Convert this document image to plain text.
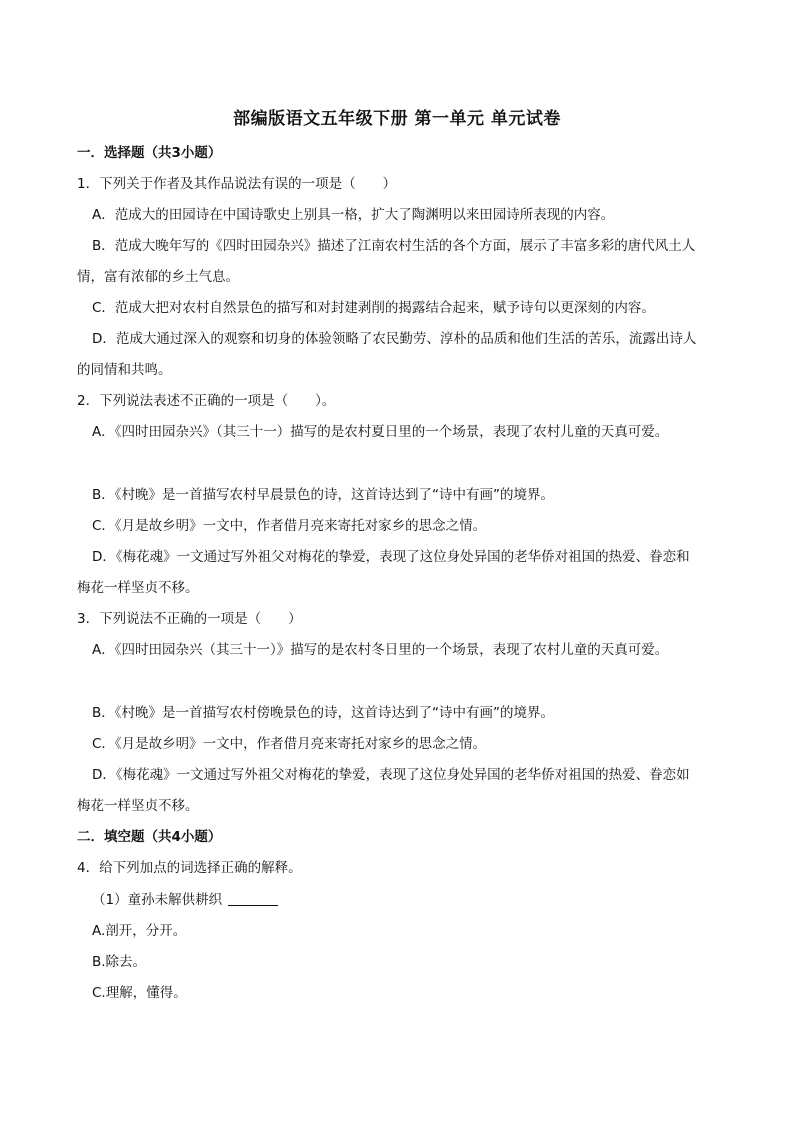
部编版语文五年级下册 第一单元 单元试卷
一．选择题（共3小题）
1．下列关于作者及其作品说法有误的一项是（　　）
A．范成大的田园诗在中国诗歌史上别具一格，扩大了陶渊明以来田园诗所表现的内容。
B．范成大晚年写的《四时田园杂兴》描述了江南农村生活的各个方面，展示了丰富多彩的唐代风土人
情，富有浓郁的乡土气息。
C．范成大把对农村自然景色的描写和对封建剥削的揭露结合起来，赋予诗句以更深刻的内容。
D．范成大通过深入的观察和切身的体验领略了农民勤劳、淳朴的品质和他们生活的苦乐，流露出诗人
的同情和共鸣。
2．下列说法表述不正确的一项是（　　）。
A．《四时田园杂兴》（其三十一）描写的是农村夏日里的一个场景，表现了农村儿童的天真可爱。
B．《村晚》是一首描写农村早晨景色的诗，这首诗达到了“诗中有画”的境界。
C．《月是故乡明》一文中，作者借月亮来寄托对家乡的思念之情。
D．《梅花魂》一文通过写外祖父对梅花的挚爱，表现了这位身处异国的老华侨对祖国的热爱、眷恋和
梅花一样坚贞不移。
3．下列说法不正确的一项是（　　）
A．《四时田园杂兴（其三十一）》描写的是农村冬日里的一个场景，表现了农村儿童的天真可爱。
B．《村晚》是一首描写农村傍晚景色的诗，这首诗达到了“诗中有画”的境界。
C．《月是故乡明》一文中，作者借月亮来寄托对家乡的思念之情。
D．《梅花魂》一文通过写外祖父对梅花的挚爱，表现了这位身处异国的老华侨对祖国的热爱、眷恋如
梅花一样坚贞不移。
二．填空题（共4小题）
4．给下列加点的词选择正确的解释。
（1）童孙未解供耕织
A.剖开，分开。
B.除去。
C.理解，懂得。
